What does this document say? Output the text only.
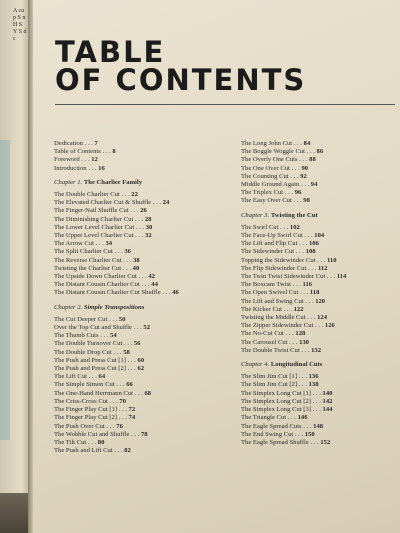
A cu p S n H S Y S d c	TABLE
OF CONTENTS
Dedication . . . 7
Table of Contents . . . 8
Foreword . . . 12
Introduction . . . 16
Chapter 1. The Charlier Family
The Double Charlier Cut . . . 22
The Elevated Charlier Cut & Shuffle . . . 24
The Finger-Nail Shuffle Cut . . . 26
The Diminishing Charlier Cut . . . 28
The Lower Level Charlier Cut . . . 30
The Upper Level Charlier Cut . . . 32
The Arrow Cut . . . 34
The Split Charlier Cut . . . 36
The Reverse Charlier Cut . . . 38
Twisting the Charlier Cut . . . 40
The Upside Down Charlier Cut . . . 42
The Distant Cousin Charlier Cut . . . 44
The Distant Cousin Charlier Cut Shuffle . . . 46
Chapter 2. Simple Transpositions
The Cut Deeper Cut . . . 50
Over the Top Cut and Shuffle . . . 52
The Thumb Cuts . . . 54
The Double Turnover Cut . . . 56
The Double Drop Cut . . . 58
The Push and Press Cut [1] . . . 60
The Push and Press Cut [2] . . . 62
The Lift Cut . . . 64
The Simple Simon Cut . . . 66
The One-Hand Herrmann Cut . . . 68
The Criss-Cross Cut . . . 70
The Finger Play Cut [1] . . . 72
The Finger Play Cut [2] . . . 74
The Push Over Cut . . . 76
The Wobble Cut and Shuffle . . . 78
The Tilt Cut . . . 80
The Push and Lift Cut . . . 82
The Long John Cut . . . 84
The Boggle Woggle Cut . . . 86
The Overly One Cuts . . . 88
The One Over Cut . . . 90
The Counting Cut . . . 92
Middle Ground Again . . . 94
The Triplex Cut . . . 96
The Easy Over Cut . . . 98
Chapter 3. Twisting the Cut
The Swirl Cut . . . 102
The Face-Up Swirl Cut . . . 104
The Lift and Flip Cut . . . 106
The Sidewinder Cut . . . 108
Topping the Sidewinder Cut . . . 110
The Flip Sidewinder Cut . . . 112
The Twin Twist Sidewinder Cut . . . 114
The Boxcam Twist . . . 116
The Open Swivel Cut . . . 118
The Lift and Swing Cut . . . 120
The Kicker Cut . . . 122
Twisting the Middle Cut . . . 124
The Zipper Sidewinder Cut . . . 126
The No-Cut Cut . . . 128
The Carousel Cut . . . 130
The Double Twist Cut . . . 132
Chapter 4. Longitudinal Cuts
The Slim Jim Cut [1] . . . 136
The Slim Jim Cut [2] . . . 138
The Simplex Long Cut [1] . . . 140
The Simplex Long Cut [2] . . . 142
The Simplex Long Cut [3] . . . 144
The Triangle Cut . . . 146
The Eagle Spread Cuts . . . 148
The End Swing Cut . . . 150
The Eagle Spread Shuffle . . . 152
